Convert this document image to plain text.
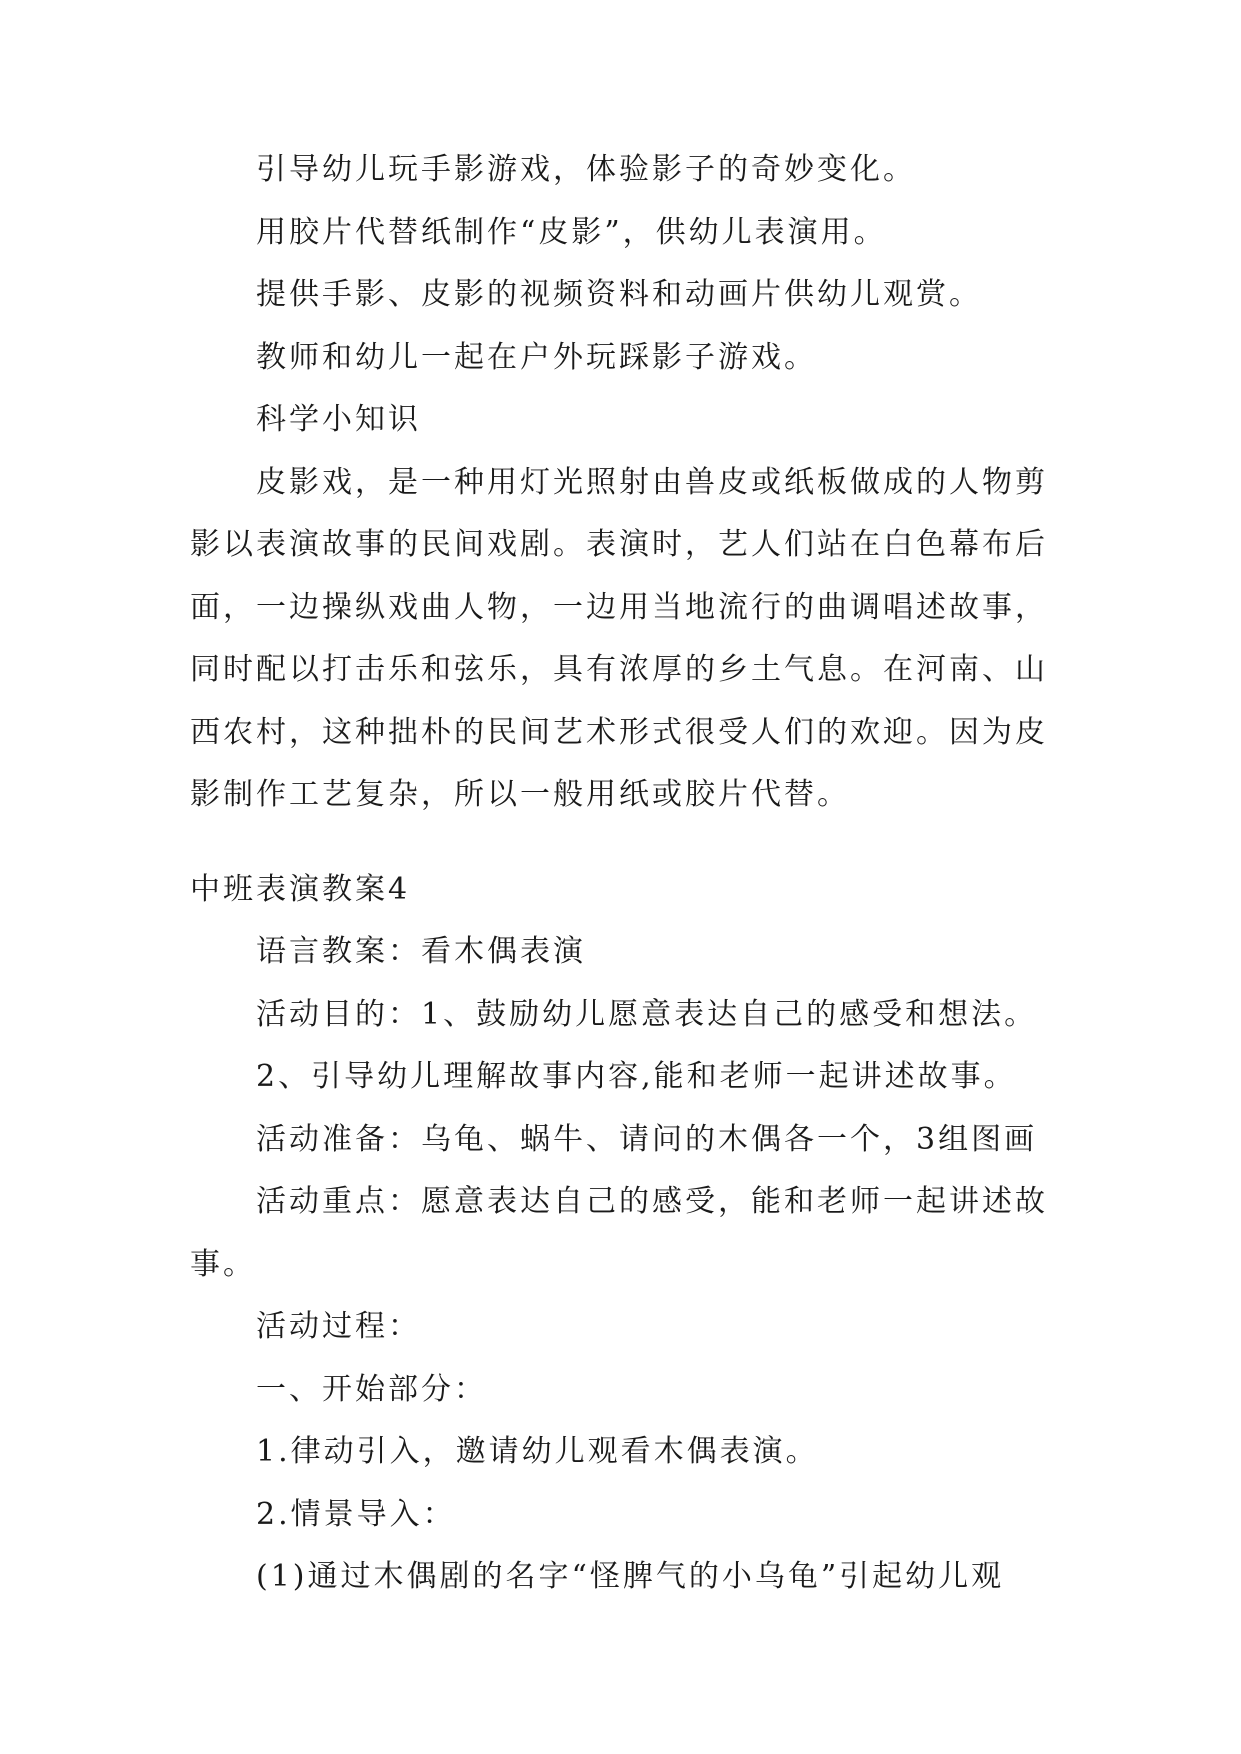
引导幼儿玩手影游戏，体验影子的奇妙变化。
用胶片代替纸制作“皮影”，供幼儿表演用。
提供手影、皮影的视频资料和动画片供幼儿观赏。
教师和幼儿一起在户外玩踩影子游戏。
科学小知识
皮影戏，是一种用灯光照射由兽皮或纸板做成的人物剪
影以表演故事的民间戏剧。表演时，艺人们站在白色幕布后
面，一边操纵戏曲人物，一边用当地流行的曲调唱述故事，
同时配以打击乐和弦乐，具有浓厚的乡土气息。在河南、山
西农村，这种拙朴的民间艺术形式很受人们的欢迎。因为皮
影制作工艺复杂，所以一般用纸或胶片代替。
中班表演教案4
语言教案：看木偶表演
活动目的：1、鼓励幼儿愿意表达自己的感受和想法。
2、引导幼儿理解故事内容,能和老师一起讲述故事。
活动准备：乌龟、蜗牛、请问的木偶各一个，3组图画
活动重点：愿意表达自己的感受，能和老师一起讲述故
事。
活动过程：
一、开始部分：
1.律动引入，邀请幼儿观看木偶表演。
2.情景导入：
(1)通过木偶剧的名字“怪脾气的小乌龟”引起幼儿观
